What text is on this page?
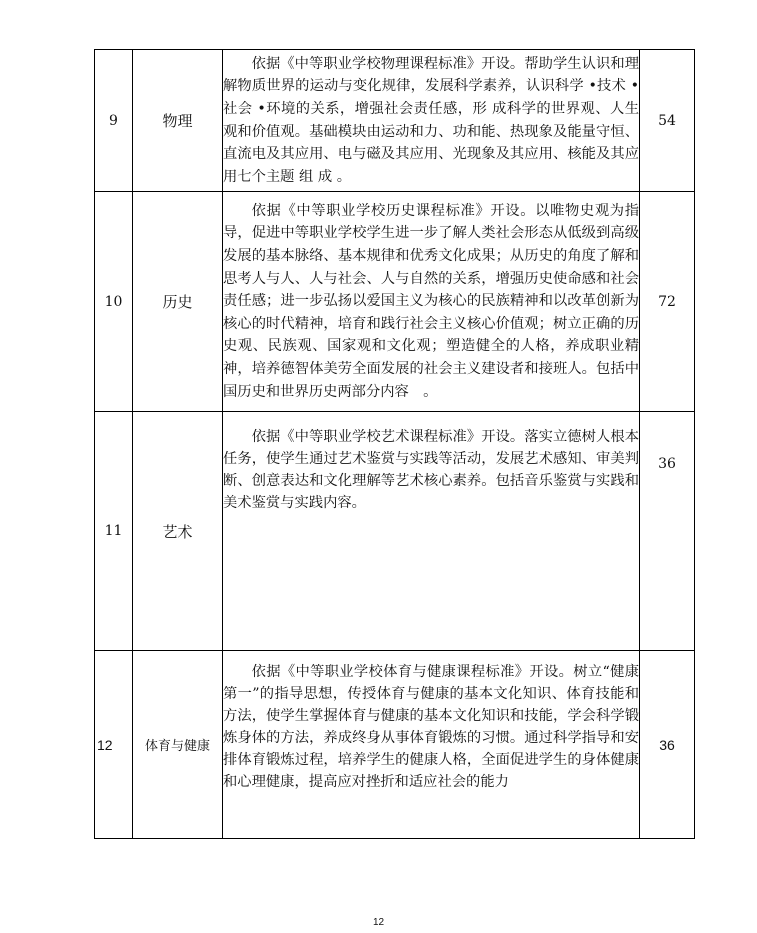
9	物理	依据《中等职业学校物理课程标准》开设。帮助学生认识和理解物质世界的运动与变化规律，发展科学素养，认识科学 •技术 •社会 •环境的关系，增强社会责任感，形 成科学的世界观、人生观和价值观。基础模块由运动和力、功和能、热现象及能量守恒、直流电及其应用、电与磁及其应用、光现象及其应用、核能及其应用七个主题 组 成 。	54
10	历史	依据《中等职业学校历史课程标准》开设。以唯物史观为指导，促进中等职业学校学生进一步了解人类社会形态从低级到高级发展的基本脉络、基本规律和优秀文化成果；从历史的角度了解和思考人与人、人与社会、人与自然的关系，增强历史使命感和社会责任感；进一步弘扬以爱国主义为核心的民族精神和以改革创新为核心的时代精神，培育和践行社会主义核心价值观；树立正确的历史观、民族观、国家观和文化观；塑造健全的人格，养成职业精神，培养德智体美劳全面发展的社会主义建设者和接班人。包括中国历史和世界历史两部分内容　。	72
11	艺术	依据《中等职业学校艺术课程标准》开设。落实立德树人根本任务，使学生通过艺术鉴赏与实践等活动，发展艺术感知、审美判断、创意表达和文化理解等艺术核心素养。包括音乐鉴赏与实践和美术鉴赏与实践内容。	36
12	体育与健康	依据《中等职业学校体育与健康课程标准》开设。树立“健康第一”的指导思想，传授体育与健康的基本文化知识、体育技能和方法，使学生掌握体育与健康的基本文化知识和技能，学会科学锻炼身体的方法，养成终身从事体育锻炼的习惯。通过科学指导和安排体育锻炼过程，培养学生的健康人格，全面促进学生的身体健康和心理健康，提高应对挫折和适应社会的能力	36
12
